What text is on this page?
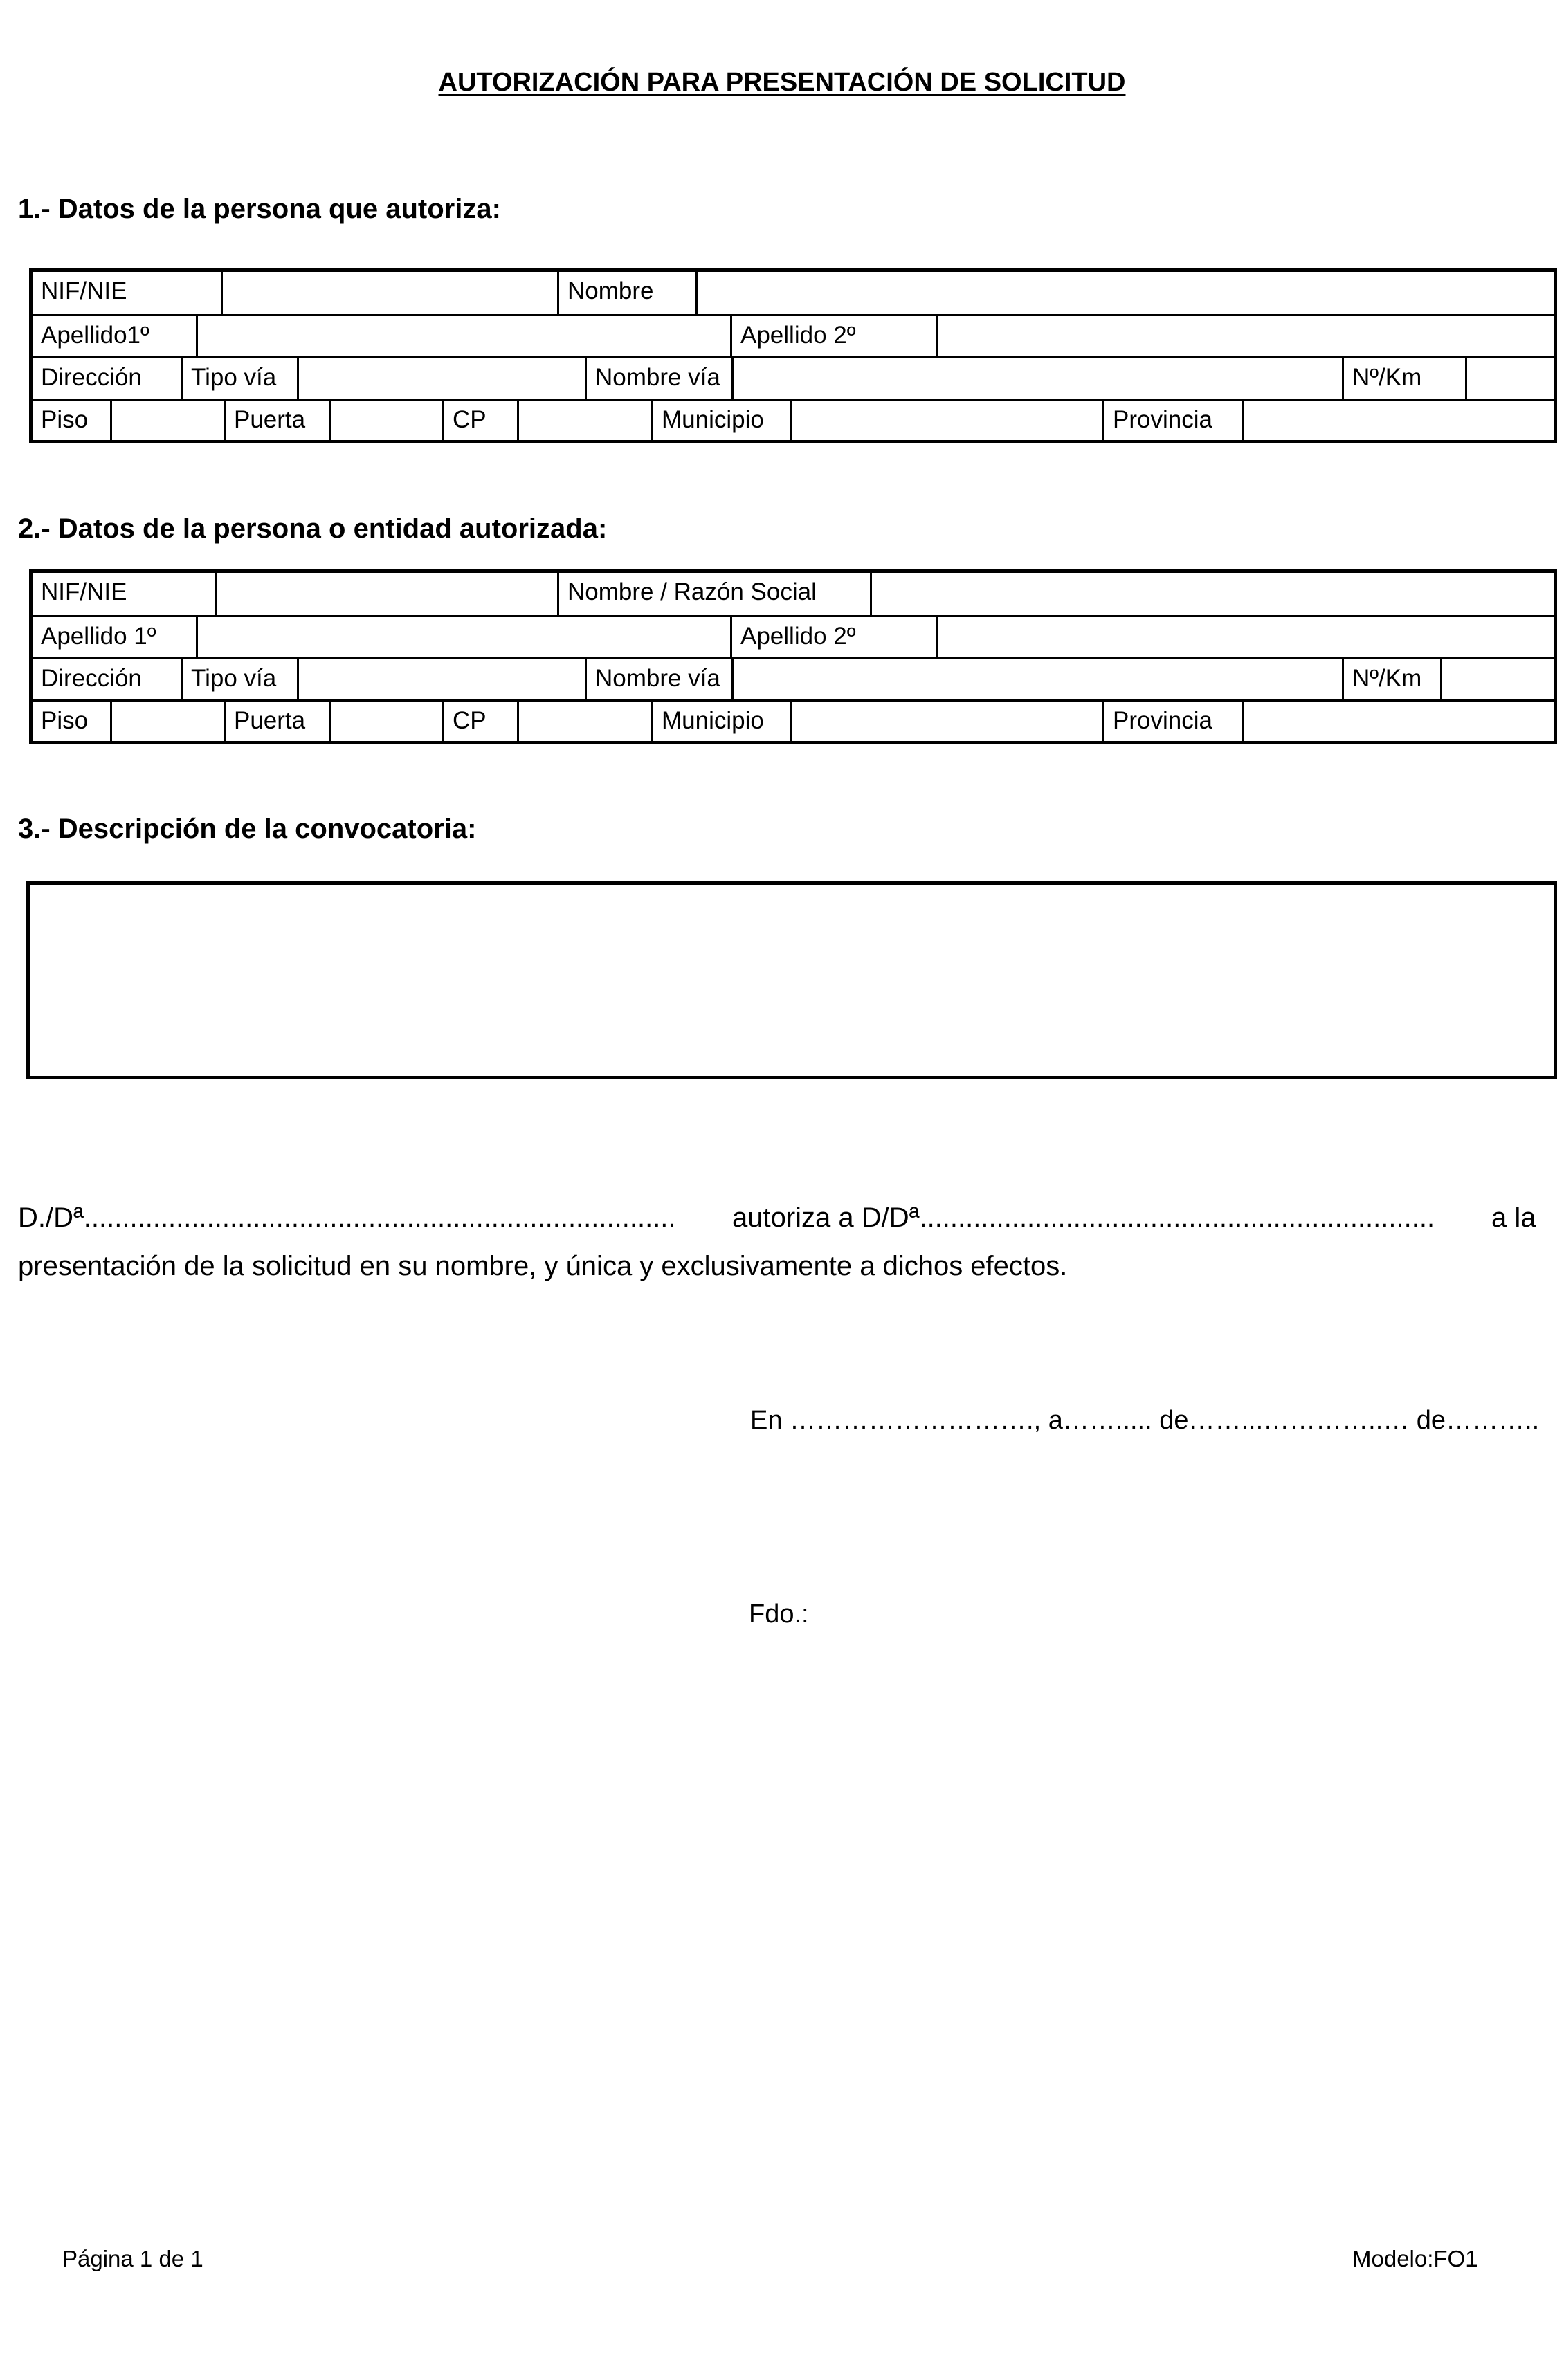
AUTORIZACIÓN PARA PRESENTACIÓN DE SOLICITUD
1.- Datos de la persona que autoriza:
NIF/NIE	Nombre
Apellido1º	Apellido 2º
Dirección	Tipo vía	Nombre vía	Nº/Km
Piso	Puerta	CP	Municipio	Provincia
2.- Datos de la persona o entidad autorizada:
NIF/NIE	Nombre / Razón Social
Apellido 1º	Apellido 2º
Dirección	Tipo vía	Nombre vía	Nº/Km
Piso	Puerta	CP	Municipio	Provincia
3.- Descripción de la convocatoria:
D./Dª............................................................................. autoriza a D/Dª................................................................... a la
presentación de la solicitud en su nombre, y única y exclusivamente a dichos efectos.
En ………………………., a……..... de……...…………..… de………..
Fdo.:
Página 1 de 1	Modelo:FO1
